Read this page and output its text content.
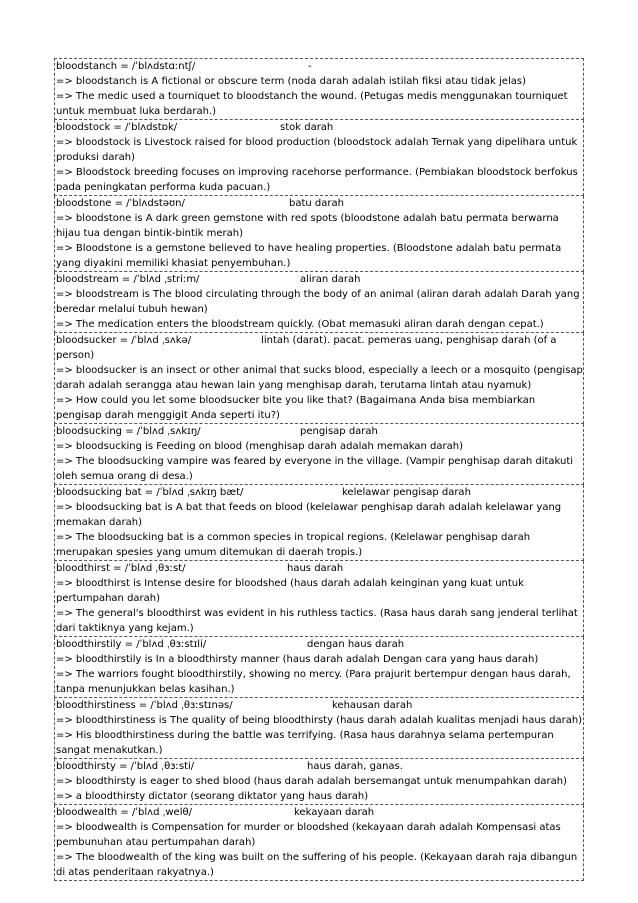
bloodstanch = /ˈblʌdstɑːntʃ/	-
=> bloodstanch is A fictional or obscure term (noda darah adalah istilah fiksi atau tidak jelas)
=> The medic used a tourniquet to bloodstanch the wound. (Petugas medis menggunakan tourniquet untuk membuat luka berdarah.)
bloodstock = /ˈblʌdstɒk/	stok darah
=> bloodstock is Livestock raised for blood production (bloodstock adalah Ternak yang dipelihara untuk produksi darah)
=> Bloodstock breeding focuses on improving racehorse performance. (Pembiakan bloodstock berfokus pada peningkatan performa kuda pacuan.)
bloodstone = /ˈblʌdstəʊn/	batu darah
=> bloodstone is A dark green gemstone with red spots (bloodstone adalah batu permata berwarna hijau tua dengan bintik-bintik merah)
=> Bloodstone is a gemstone believed to have healing properties. (Bloodstone adalah batu permata yang diyakini memiliki khasiat penyembuhan.)
bloodstream = /ˈblʌd ˌstriːm/	aliran darah
=> bloodstream is The blood circulating through the body of an animal (aliran darah adalah Darah yang beredar melalui tubuh hewan)
=> The medication enters the bloodstream quickly. (Obat memasuki aliran darah dengan cepat.)
bloodsucker = /ˈblʌd ˌsʌkə/	lintah (darat). pacat. pemeras uang, penghisap darah (of a person)
=> bloodsucker is an insect or other animal that sucks blood, especially a leech or a mosquito (pengisap darah adalah serangga atau hewan lain yang menghisap darah, terutama lintah atau nyamuk)
=> How could you let some bloodsucker bite you like that? (Bagaimana Anda bisa membiarkan pengisap darah menggigit Anda seperti itu?)
bloodsucking = /ˈblʌd ˌsʌkɪŋ/	pengisap darah
=> bloodsucking is Feeding on blood (menghisap darah adalah memakan darah)
=> The bloodsucking vampire was feared by everyone in the village. (Vampir penghisap darah ditakuti oleh semua orang di desa.)
bloodsucking bat = /ˈblʌd ˌsʌkɪŋ bæt/	kelelawar pengisap darah
=> bloodsucking bat is A bat that feeds on blood (kelelawar penghisap darah adalah kelelawar yang memakan darah)
=> The bloodsucking bat is a common species in tropical regions. (Kelelawar penghisap darah merupakan spesies yang umum ditemukan di daerah tropis.)
bloodthirst = /ˈblʌd ˌθɜːst/	haus darah
=> bloodthirst is Intense desire for bloodshed (haus darah adalah keinginan yang kuat untuk pertumpahan darah)
=> The general's bloodthirst was evident in his ruthless tactics. (Rasa haus darah sang jenderal terlihat dari taktiknya yang kejam.)
bloodthirstily = /ˈblʌd ˌθɜːstɪli/	dengan haus darah
=> bloodthirstily is In a bloodthirsty manner (haus darah adalah Dengan cara yang haus darah)
=> The warriors fought bloodthirstily, showing no mercy. (Para prajurit bertempur dengan haus darah, tanpa menunjukkan belas kasihan.)
bloodthirstiness = /ˈblʌd ˌθɜːstɪnəs/	kehausan darah
=> bloodthirstiness is The quality of being bloodthirsty (haus darah adalah kualitas menjadi haus darah)
=> His bloodthirstiness during the battle was terrifying. (Rasa haus darahnya selama pertempuran sangat menakutkan.)
bloodthirsty = /ˈblʌd ˌθɜːsti/	haus darah, ganas.
=> bloodthirsty is eager to shed blood (haus darah adalah bersemangat untuk menumpahkan darah)
=> a bloodthirsty dictator (seorang diktator yang haus darah)
bloodwealth = /ˈblʌd ˌwelθ/	kekayaan darah
=> bloodwealth is Compensation for murder or bloodshed (kekayaan darah adalah Kompensasi atas pembunuhan atau pertumpahan darah)
=> The bloodwealth of the king was built on the suffering of his people. (Kekayaan darah raja dibangun di atas penderitaan rakyatnya.)
